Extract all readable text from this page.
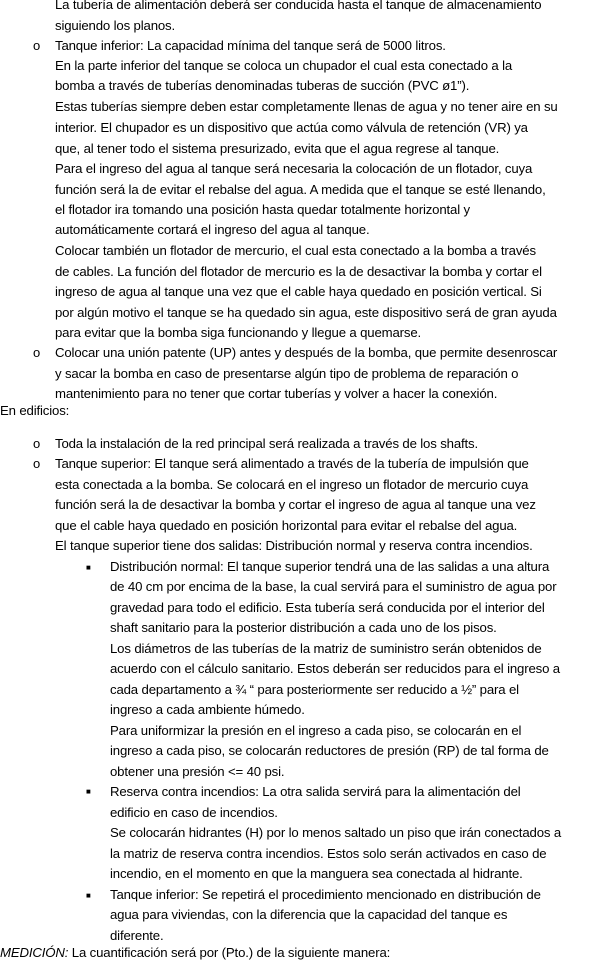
La tubería de alimentación deberá ser conducida hasta el tanque de almacenamiento
siguiendo los planos.
o Tanque inferior: La capacidad mínima del tanque será de 5000 litros.
En la parte inferior del tanque se coloca un chupador el cual esta conectado a la
bomba a través de tuberías denominadas tuberas de succión (PVC ø1”).
Estas tuberías siempre deben estar completamente llenas de agua y no tener aire en su
interior. El chupador es un dispositivo que actúa como válvula de retención (VR) ya
que, al tener todo el sistema presurizado, evita que el agua regrese al tanque.
Para el ingreso del agua al tanque será necesaria la colocación de un flotador, cuya
función será la de evitar el rebalse del agua. A medida que el tanque se esté llenando,
el flotador ira tomando una posición hasta quedar totalmente horizontal y
automáticamente cortará el ingreso del agua al tanque.
Colocar también un flotador de mercurio, el cual esta conectado a la bomba a través
de cables. La función del flotador de mercurio es la de desactivar la bomba y cortar el
ingreso de agua al tanque una vez que el cable haya quedado en posición vertical. Si
por algún motivo el tanque se ha quedado sin agua, este dispositivo será de gran ayuda
para evitar que la bomba siga funcionando y llegue a quemarse.
o Colocar una unión patente (UP) antes y después de la bomba, que permite desenroscar
y sacar la bomba en caso de presentarse algún tipo de problema de reparación o
mantenimiento para no tener que cortar tuberías y volver a hacer la conexión.
En edificios:
o Toda la instalación de la red principal será realizada a través de los shafts.
o Tanque superior: El tanque será alimentado a través de la tubería de impulsión que
esta conectada a la bomba. Se colocará en el ingreso un flotador de mercurio cuya
función será la de desactivar la bomba y cortar el ingreso de agua al tanque una vez
que el cable haya quedado en posición horizontal para evitar el rebalse del agua.
El tanque superior tiene dos salidas: Distribución normal y reserva contra incendios.
■ Distribución normal: El tanque superior tendrá una de las salidas a una altura
de 40 cm por encima de la base, la cual servirá para el suministro de agua por
gravedad para todo el edificio. Esta tubería será conducida por el interior del
shaft sanitario para la posterior distribución a cada uno de los pisos.
Los diámetros de las tuberías de la matriz de suministro serán obtenidos de
acuerdo con el cálculo sanitario. Estos deberán ser reducidos para el ingreso a
cada departamento a ¾ “ para posteriormente ser reducido a ½” para el
ingreso a cada ambiente húmedo.
Para uniformizar la presión en el ingreso a cada piso, se colocarán en el
ingreso a cada piso, se colocarán reductores de presión (RP) de tal forma de
obtener una presión <= 40 psi.
■ Reserva contra incendios: La otra salida servirá para la alimentación del
edificio en caso de incendios.
Se colocarán hidrantes (H) por lo menos saltado un piso que irán conectados a
la matriz de reserva contra incendios. Estos solo serán activados en caso de
incendio, en el momento en que la manguera sea conectada al hidrante.
■ Tanque inferior: Se repetirá el procedimiento mencionado en distribución de
agua para viviendas, con la diferencia que la capacidad del tanque es
diferente.
MEDICIÓN: La cuantificación será por (Pto.) de la siguiente manera:
